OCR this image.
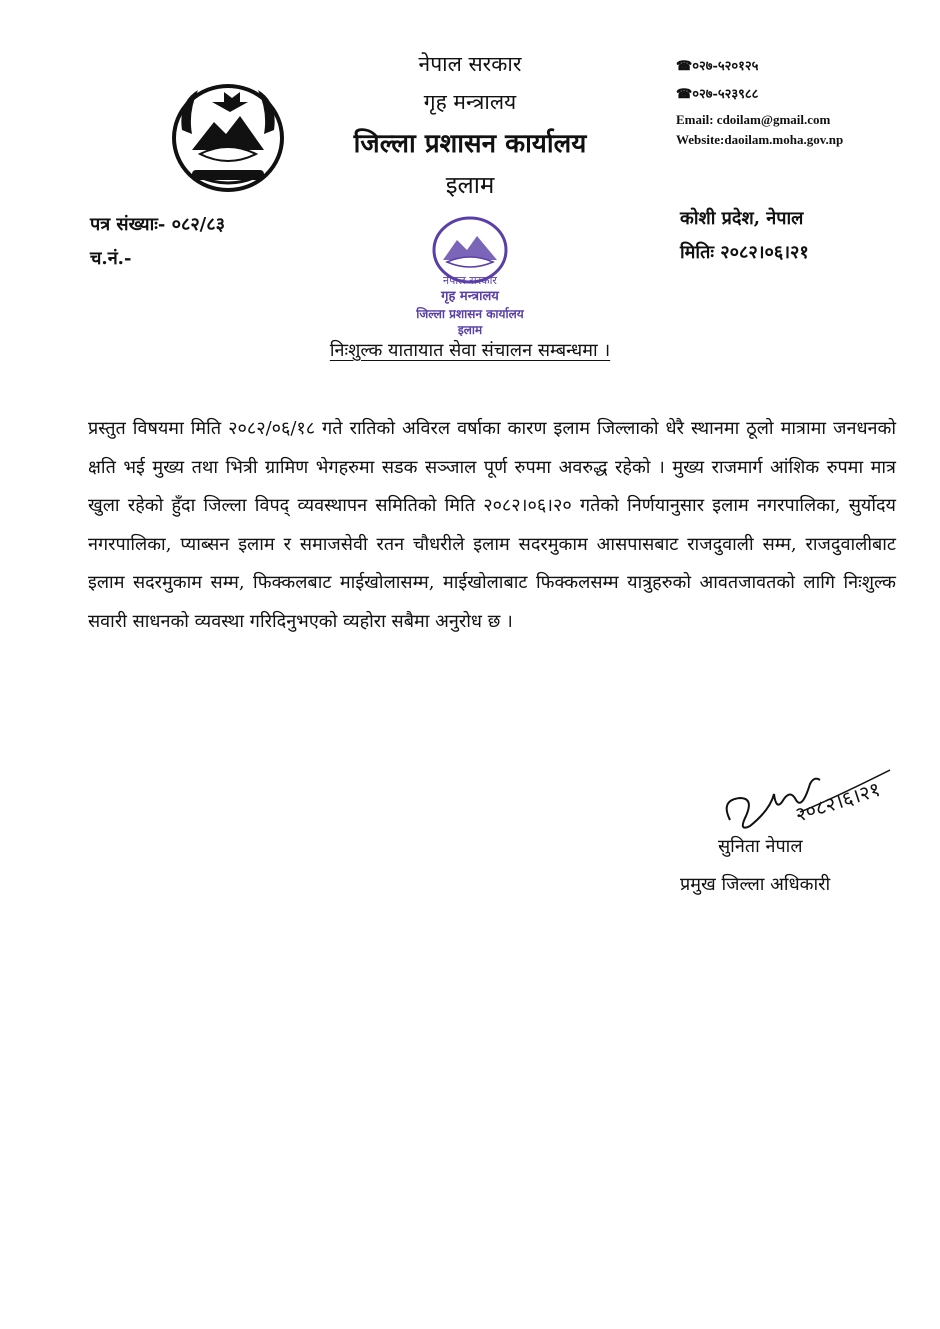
नेपाल सरकार
गृह मन्त्रालय
जिल्ला प्रशासन कार्यालय
इलाम
☎०२७-५२०१२५
☎०२७-५२३९८८
Email: cdoilam@gmail.com
Website:daoilam.moha.gov.np
पत्र संख्याः- ०८२/८३
च.नं.-
कोशी प्रदेश, नेपाल
मितिः २०८२।०६।२१
नेपाल सरकार
गृह मन्त्रालय
जिल्ला प्रशासन कार्यालय
इलाम
निःशुल्क यातायात सेवा संचालन सम्बन्धमा ।
प्रस्तुत विषयमा मिति २०८२/०६/१८ गते रातिको अविरल वर्षाका कारण इलाम जिल्लाको धेरै स्थानमा ठूलो मात्रामा जनधनको क्षति भई मुख्य तथा भित्री ग्रामिण भेगहरुमा सडक सञ्जाल पूर्ण रुपमा अवरुद्ध रहेको । मुख्य राजमार्ग आंशिक रुपमा मात्र खुला रहेको हुँदा जिल्ला विपद् व्यवस्थापन समितिको मिति २०८२।०६।२० गतेको निर्णयानुसार इलाम नगरपालिका, सुर्योदय नगरपालिका, प्याब्सन इलाम र समाजसेवी रतन चौधरीले इलाम सदरमुकाम आसपासबाट राजदुवाली सम्म, राजदुवालीबाट इलाम सदरमुकाम सम्म, फिक्कलबाट माईखोलासम्म, माईखोलाबाट फिक्कलसम्म यात्रुहरुको आवतजावतको लागि निःशुल्क सवारी साधनको व्यवस्था गरिदिनुभएको व्यहोरा सबैमा अनुरोध छ ।
२०८२।६।२१
सुनिता नेपाल
प्रमुख जिल्ला अधिकारी
